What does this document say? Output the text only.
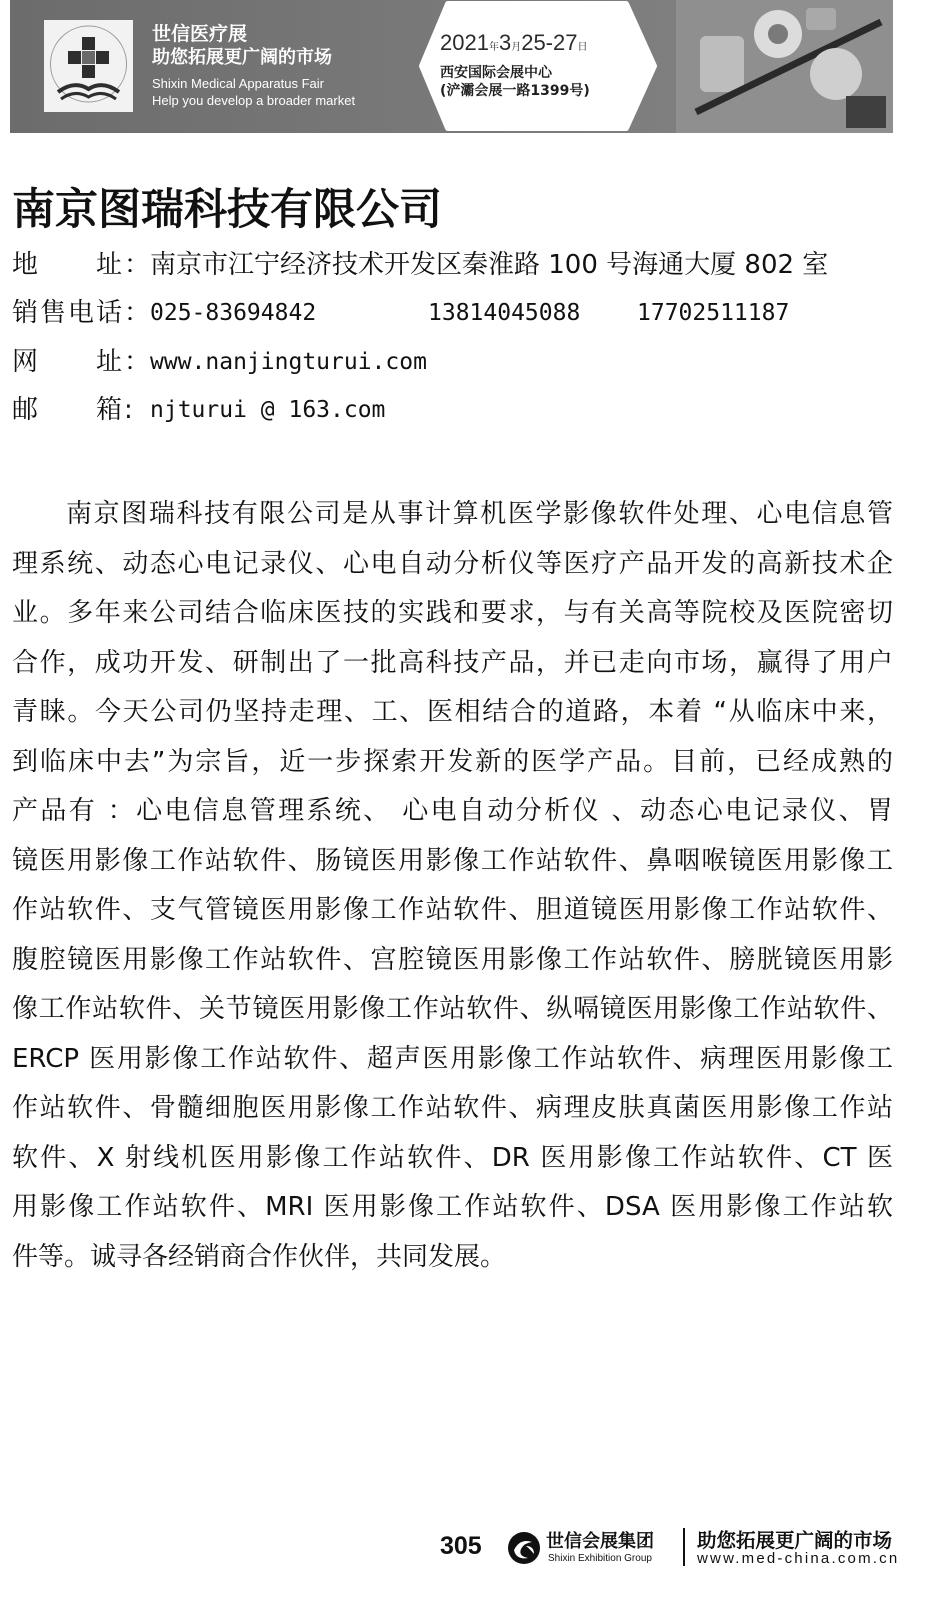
世信医疗展
助您拓展更广阔的市场
Shixin Medical Apparatus Fair
Help you develop a broader market
2021年3月25-27日
西安国际会展中心
(浐灞会展一路1399号)
南京图瑞科技有限公司
地　　址：
南京市江宁经济技术开发区秦淮路 100 号海通大厦 802 室
销售电话：
025-83694842	13814045088 17702511187
网　　址：
www.nanjingturui.com
邮　　箱: njturui @ 163.com
南京图瑞科技有限公司是从事计算机医学影像软件处理、心电信息管
理系统、动态心电记录仪、心电自动分析仪等医疗产品开发的高新技术企
业。多年来公司结合临床医技的实践和要求，与有关高等院校及医院密切
合作，成功开发、研制出了一批高科技产品，并已走向市场，赢得了用户
青睐。今天公司仍坚持走理、工、医相结合的道路，本着 “从临床中来，
到临床中去”为宗旨，近一步探索开发新的医学产品。目前，已经成熟的
产品有 ：心电信息管理系统、 心电自动分析仪 、动态心电记录仪、胃
镜医用影像工作站软件、肠镜医用影像工作站软件、鼻咽喉镜医用影像工
作站软件、支气管镜医用影像工作站软件、胆道镜医用影像工作站软件、
腹腔镜医用影像工作站软件、宫腔镜医用影像工作站软件、膀胱镜医用影
像工作站软件、关节镜医用影像工作站软件、纵嗝镜医用影像工作站软件、
ERCP 医用影像工作站软件、超声医用影像工作站软件、病理医用影像工
作站软件、骨髓细胞医用影像工作站软件、病理皮肤真菌医用影像工作站
软件、X 射线机医用影像工作站软件、DR 医用影像工作站软件、CT 医
用影像工作站软件、MRI 医用影像工作站软件、DSA 医用影像工作站软
件等。诚寻各经销商合作伙伴，共同发展。
305	世信会展集团
Shixin Exhibition Group
助您拓展更广阔的市场
www.med-china.com.cn
